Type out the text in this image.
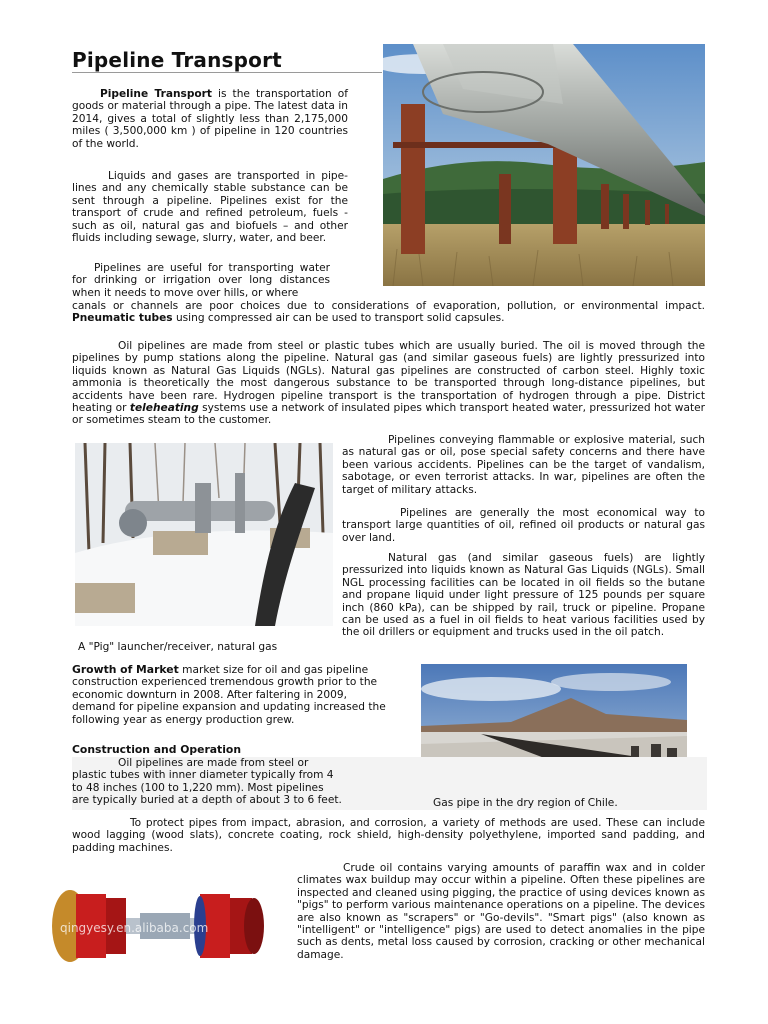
Pipeline Transport
Pipeline Transport is the transportation of goods or material through a pipe. The latest data in 2014, gives a total of slightly less than 2,175,000 miles ( 3,500,000 km ) of pipeline in 120 countries of the world.
Liquids and gases are transported in pipe-lines and any chemically stable substance can be sent through a pipeline. Pipelines exist for the transport of crude and refined petroleum, fuels - such as oil, natural gas and biofuels – and other fluids including sewage, slurry, water, and beer.
Pipelines are useful for transporting water for drinking or irrigation over long distances when it needs to move over hills, or where
canals or channels are poor choices due to considerations of evaporation, pollution, or environmental impact. Pneumatic tubes using compressed air can be used to transport solid capsules.
Oil pipelines are made from steel or plastic tubes which are usually buried. The oil is moved through the pipelines by pump stations along the pipeline. Natural gas (and similar gaseous fuels) are lightly pressurized into liquids known as Natural Gas Liquids (NGLs). Natural gas pipelines are constructed of carbon steel. Highly toxic ammonia is theoretically the most dangerous substance to be transported through long-distance pipelines, but accidents have been rare. Hydrogen pipeline transport is the transportation of hydrogen through a pipe. District heating or teleheating systems use a network of insulated pipes which transport heated water, pressurized hot water or sometimes steam to the customer.
A "Pig" launcher/receiver, natural gas
Pipelines conveying flammable or explosive material, such as natural gas or oil, pose special safety concerns and there have been various accidents. Pipelines can be the target of vandalism, sabotage, or even terrorist attacks. In war, pipelines are often the target of military attacks.
Pipelines are generally the most economical way to transport large quantities of oil, refined oil products or natural gas over land.
Natural gas (and similar gaseous fuels) are lightly pressurized into liquids known as Natural Gas Liquids (NGLs). Small NGL processing facilities can be located in oil fields so the butane and propane liquid under light pressure of 125 pounds per square inch (860 kPa), can be shipped by rail, truck or pipeline. Propane can be used as a fuel in oil fields to heat various facilities used by the oil drillers or equipment and trucks used in the oil patch.
Growth of Market market size for oil and gas pipeline construction experienced tremendous growth prior to the economic downturn in 2008. After faltering in 2009, demand for pipeline expansion and updating increased the following year as energy production grew.
Construction and Operation
Oil pipelines are made from steel or plastic tubes with inner diameter typically from 4 to 48 inches (100 to 1,220 mm). Most pipelines are typically buried at a depth of about 3 to 6 feet.	Gas pipe in the dry region of Chile.
To protect pipes from impact, abrasion, and corrosion, a variety of methods are used. These can include wood lagging (wood slats), concrete coating, rock shield, high-density polyethylene, imported sand padding, and padding machines.
qingyesy.en.alibaba.com
Crude oil contains varying amounts of paraffin wax and in colder climates wax buildup may occur within a pipeline. Often these pipelines are inspected and cleaned using pigging, the practice of using devices known as "pigs" to perform various maintenance operations on a pipeline. The devices are also known as "scrapers" or "Go-devils". "Smart pigs" (also known as "intelligent" or "intelligence" pigs) are used to detect anomalies in the pipe such as dents, metal loss caused by corrosion, cracking or other mechanical damage.
